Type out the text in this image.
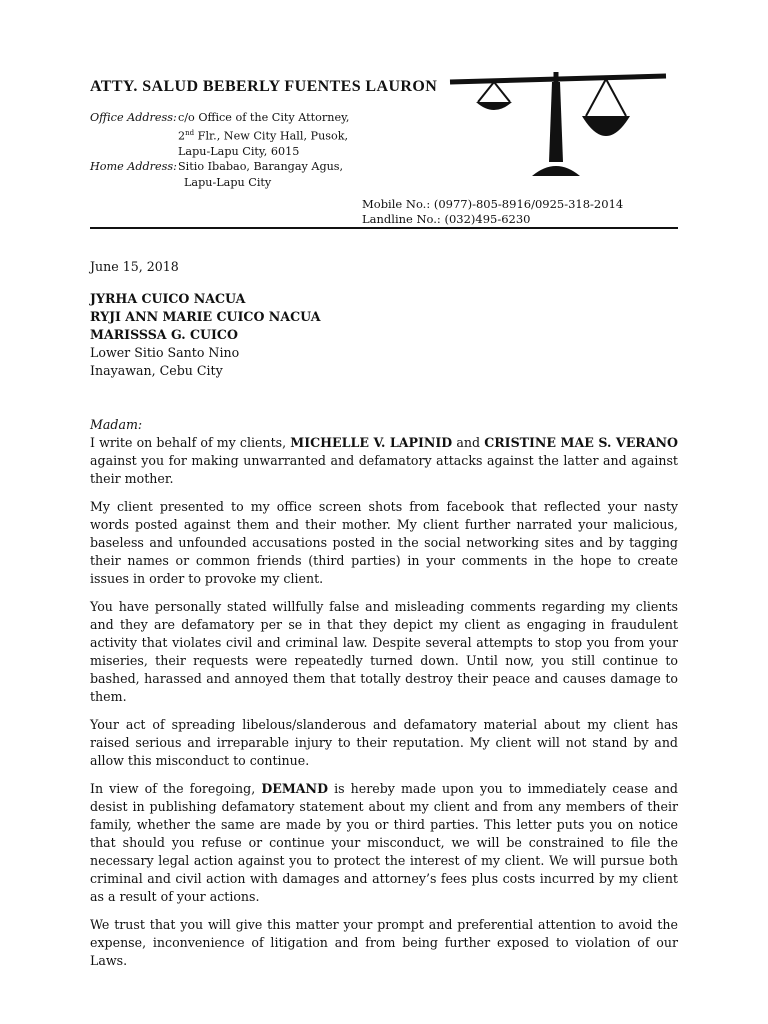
ATTY. SALUD BEBERLY FUENTES LAURON
Office Address: c/o Office of the City Attorney,
2nd Flr., New City Hall, Pusok,
Lapu-Lapu City, 6015
Home Address: Sitio Ibabao, Barangay Agus,
Lapu-Lapu City
Mobile No.: (0977)-805-8916/0925-318-2014
Landline No.: (032)495-6230
June 15, 2018
JYRHA CUICO NACUA
RYJI ANN MARIE CUICO NACUA
MARISSSA G. CUICO
Lower Sitio Santo Nino
Inayawan, Cebu City
Madam:

I write on behalf of my clients, MICHELLE V. LAPINID and CRISTINE MAE S. VERANO against you for making unwarranted and defamatory attacks against the latter and against their mother.

My client presented to my office screen shots from facebook that reflected your nasty words posted against them and their mother. My client further narrated your malicious, baseless and unfounded accusations posted in the social networking sites and by tagging their names or common friends (third parties) in your comments in the hope to create issues in order to provoke my client.

You have personally stated willfully false and misleading comments regarding my clients and they are defamatory per se in that they depict my client as engaging in fraudulent activity that violates civil and criminal law. Despite several attempts to stop you from your miseries, their requests were repeatedly turned down. Until now, you still continue to bashed, harassed and annoyed them that totally destroy their peace and causes damage to them.

Your act of spreading libelous/slanderous and defamatory material about my client has raised serious and irreparable injury to their reputation. My client will not stand by and allow this misconduct to continue.

In view of the foregoing, DEMAND is hereby made upon you to immediately cease and desist in publishing defamatory statement about my client and from any members of their family, whether the same are made by you or third parties. This letter puts you on notice that should you refuse or continue your misconduct, we will be constrained to file the necessary legal action against you to protect the interest of my client. We will pursue both criminal and civil action with damages and attorney’s fees plus costs incurred by my client as a result of your actions.

We trust that you will give this matter your prompt and preferential attention to avoid the expense, inconvenience of litigation and from being further exposed to violation of our Laws.
